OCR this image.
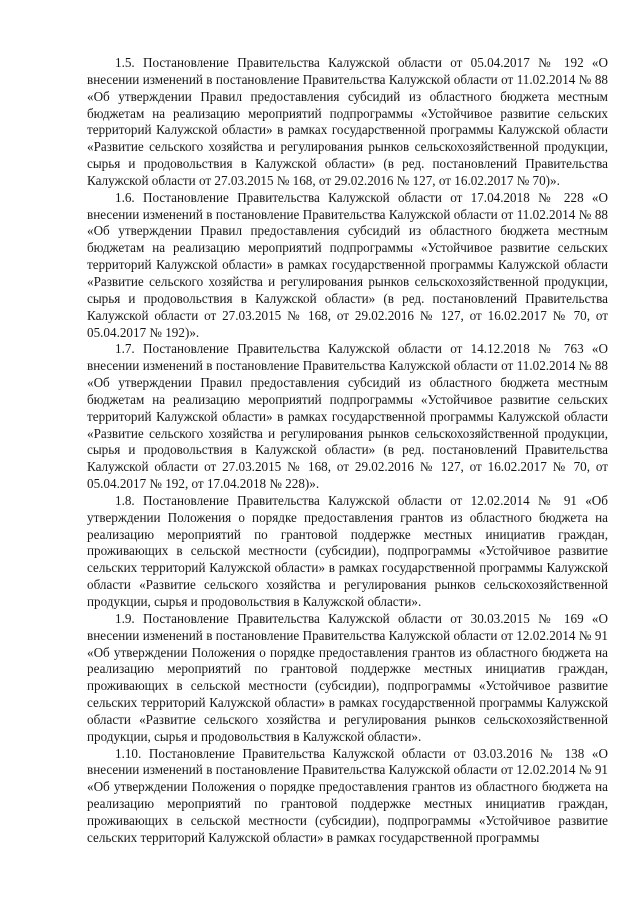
1.5. Постановление Правительства Калужской области от 05.04.2017 № 192 «О внесении изменений в постановление Правительства Калужской области от 11.02.2014 № 88 «Об утверждении Правил предоставления субсидий из областного бюджета местным бюджетам на реализацию мероприятий подпрограммы «Устойчивое развитие сельских территорий Калужской области» в рамках государственной программы Калужской области «Развитие сельского хозяйства и регулирования рынков сельскохозяйственной продукции, сырья и продовольствия в Калужской области» (в ред. постановлений Правительства Калужской области от 27.03.2015 № 168, от 29.02.2016 № 127, от 16.02.2017 № 70)».

1.6. Постановление Правительства Калужской области от 17.04.2018 № 228 «О внесении изменений в постановление Правительства Калужской области от 11.02.2014 № 88 «Об утверждении Правил предоставления субсидий из областного бюджета местным бюджетам на реализацию мероприятий подпрограммы «Устойчивое развитие сельских территорий Калужской области» в рамках государственной программы Калужской области «Развитие сельского хозяйства и регулирования рынков сельскохозяйственной продукции, сырья и продовольствия в Калужской области» (в ред. постановлений Правительства Калужской области от 27.03.2015 № 168, от 29.02.2016 № 127, от 16.02.2017 № 70, от 05.04.2017 № 192)».

1.7. Постановление Правительства Калужской области от 14.12.2018 № 763 «О внесении изменений в постановление Правительства Калужской области от 11.02.2014 № 88 «Об утверждении Правил предоставления субсидий из областного бюджета местным бюджетам на реализацию мероприятий подпрограммы «Устойчивое развитие сельских территорий Калужской области» в рамках государственной программы Калужской области «Развитие сельского хозяйства и регулирования рынков сельскохозяйственной продукции, сырья и продовольствия в Калужской области» (в ред. постановлений Правительства Калужской области от 27.03.2015 № 168, от 29.02.2016 № 127, от 16.02.2017 № 70, от 05.04.2017 № 192, от 17.04.2018 № 228)».

1.8. Постановление Правительства Калужской области от 12.02.2014 № 91 «Об утверждении Положения о порядке предоставления грантов из областного бюджета на реализацию мероприятий по грантовой поддержке местных инициатив граждан, проживающих в сельской местности (субсидии), подпрограммы «Устойчивое развитие сельских территорий Калужской области» в рамках государственной программы Калужской области «Развитие сельского хозяйства и регулирования рынков сельскохозяйственной продукции, сырья и продовольствия в Калужской области».

1.9. Постановление Правительства Калужской области от 30.03.2015 № 169 «О внесении изменений в постановление Правительства Калужской области от 12.02.2014 № 91 «Об утверждении Положения о порядке предоставления грантов из областного бюджета на реализацию мероприятий по грантовой поддержке местных инициатив граждан, проживающих в сельской местности (субсидии), подпрограммы «Устойчивое развитие сельских территорий Калужской области» в рамках государственной программы Калужской области «Развитие сельского хозяйства и регулирования рынков сельскохозяйственной продукции, сырья и продовольствия в Калужской области».

1.10. Постановление Правительства Калужской области от 03.03.2016 № 138 «О внесении изменений в постановление Правительства Калужской области от 12.02.2014 № 91 «Об утверждении Положения о порядке предоставления грантов из областного бюджета на реализацию мероприятий по грантовой поддержке местных инициатив граждан, проживающих в сельской местности (субсидии), подпрограммы «Устойчивое развитие сельских территорий Калужской области» в рамках государственной программы
